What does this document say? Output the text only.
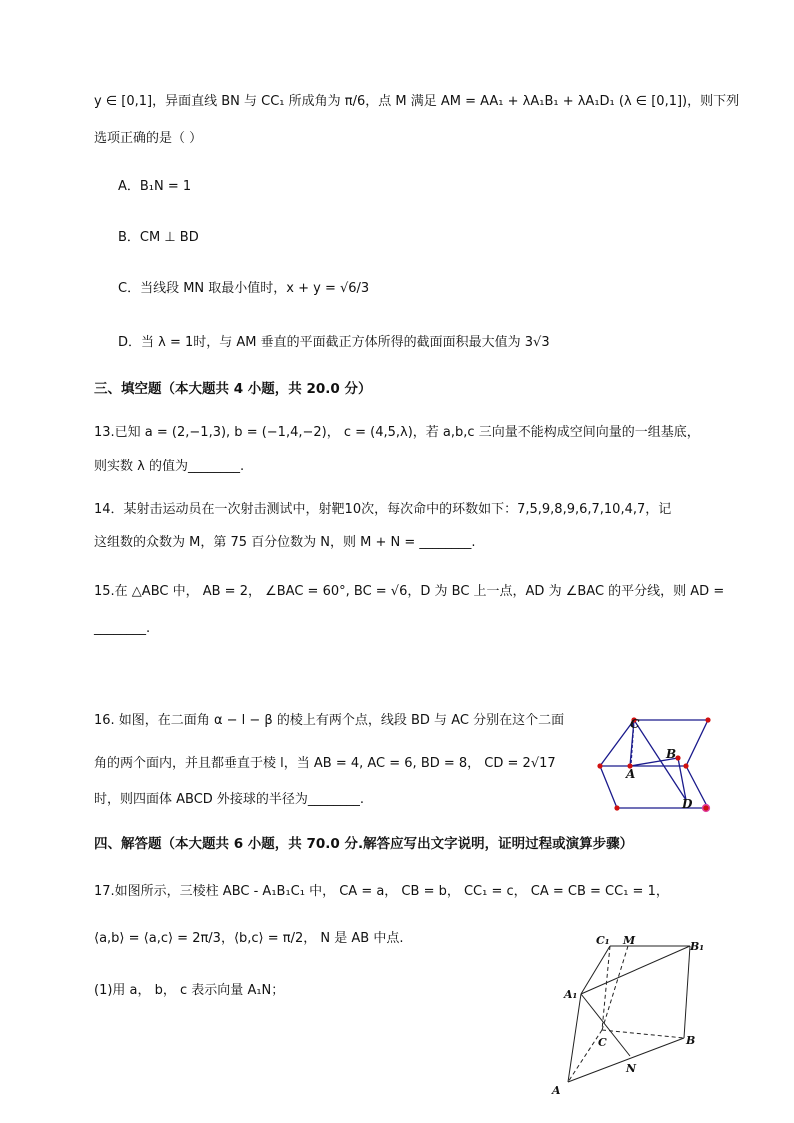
y ∈ [0,1]，异面直线 BN 与 CC₁ 所成角为 π/6，点 M 满足 AM = AA₁ + λA₁B₁ + λA₁D₁ (λ ∈ [0,1])，则下列
选项正确的是（ ）
A．B₁N = 1
B．CM ⊥ BD
C．当线段 MN 取最小值时，x + y = √6/3
D．当 λ = 1时，与 AM 垂直的平面截正方体所得的截面面积最大值为 3√3
三、填空题（本大题共 4 小题，共 20.0 分）
13.已知 a = (2,−1,3), b = (−1,4,−2)， c = (4,5,λ)，若 a,b,c 三向量不能构成空间向量的一组基底，
则实数 λ 的值为________.
14．某射击运动员在一次射击测试中，射靶10次，每次命中的环数如下：7,5,9,8,9,6,7,10,4,7，记
这组数的众数为 M，第 75 百分位数为 N，则 M + N = ________.
15.在 △ABC 中， AB = 2， ∠BAC = 60°, BC = √6，D 为 BC 上一点，AD 为 ∠BAC 的平分线，则 AD =
________.
16. 如图，在二面角 α − l − β 的棱上有两个点，线段 BD 与 AC 分别在这个二面
角的两个面内，并且都垂直于棱 l，当 AB = 4, AC = 6, BD = 8， CD = 2√17
时，则四面体 ABCD 外接球的半径为________.
C
B
A
D
四、解答题（本大题共 6 小题，共 70.0 分.解答应写出文字说明，证明过程或演算步骤）
17.如图所示，三棱柱 ABC - A₁B₁C₁ 中， CA = a， CB = b， CC₁ = c， CA = CB = CC₁ = 1，
⟨a,b⟩ = ⟨a,c⟩ = 2π/3，⟨b,c⟩ = π/2， N 是 AB 中点.
(1)用 a， b， c 表示向量 A₁N；
C₁ M	B₁
A₁
C	B
N
A
